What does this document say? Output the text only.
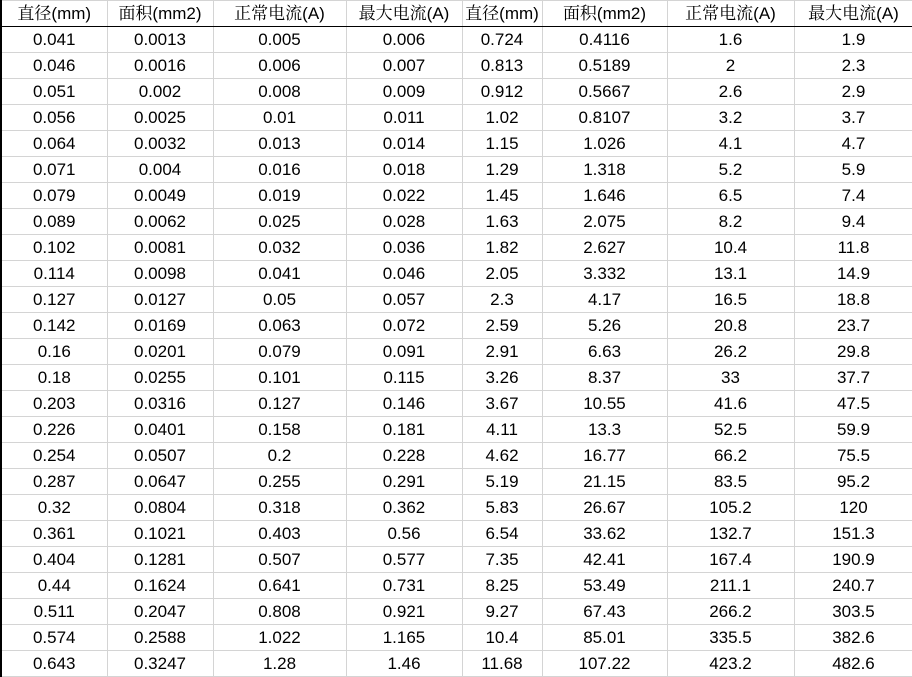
直径(mm)	面积(mm2)	正常电流(A)	最大电流(A)	直径(mm)	面积(mm2)	正常电流(A)	最大电流(A)
0.041	0.0013	0.005	0.006	0.724	0.4116	1.6	1.9
0.046	0.0016	0.006	0.007	0.813	0.5189	2	2.3
0.051	0.002	0.008	0.009	0.912	0.5667	2.6	2.9
0.056	0.0025	0.01	0.011	1.02	0.8107	3.2	3.7
0.064	0.0032	0.013	0.014	1.15	1.026	4.1	4.7
0.071	0.004	0.016	0.018	1.29	1.318	5.2	5.9
0.079	0.0049	0.019	0.022	1.45	1.646	6.5	7.4
0.089	0.0062	0.025	0.028	1.63	2.075	8.2	9.4
0.102	0.0081	0.032	0.036	1.82	2.627	10.4	11.8
0.114	0.0098	0.041	0.046	2.05	3.332	13.1	14.9
0.127	0.0127	0.05	0.057	2.3	4.17	16.5	18.8
0.142	0.0169	0.063	0.072	2.59	5.26	20.8	23.7
0.16	0.0201	0.079	0.091	2.91	6.63	26.2	29.8
0.18	0.0255	0.101	0.115	3.26	8.37	33	37.7
0.203	0.0316	0.127	0.146	3.67	10.55	41.6	47.5
0.226	0.0401	0.158	0.181	4.11	13.3	52.5	59.9
0.254	0.0507	0.2	0.228	4.62	16.77	66.2	75.5
0.287	0.0647	0.255	0.291	5.19	21.15	83.5	95.2
0.32	0.0804	0.318	0.362	5.83	26.67	105.2	120
0.361	0.1021	0.403	0.56	6.54	33.62	132.7	151.3
0.404	0.1281	0.507	0.577	7.35	42.41	167.4	190.9
0.44	0.1624	0.641	0.731	8.25	53.49	211.1	240.7
0.511	0.2047	0.808	0.921	9.27	67.43	266.2	303.5
0.574	0.2588	1.022	1.165	10.4	85.01	335.5	382.6
0.643	0.3247	1.28	1.46	11.68	107.22	423.2	482.6
